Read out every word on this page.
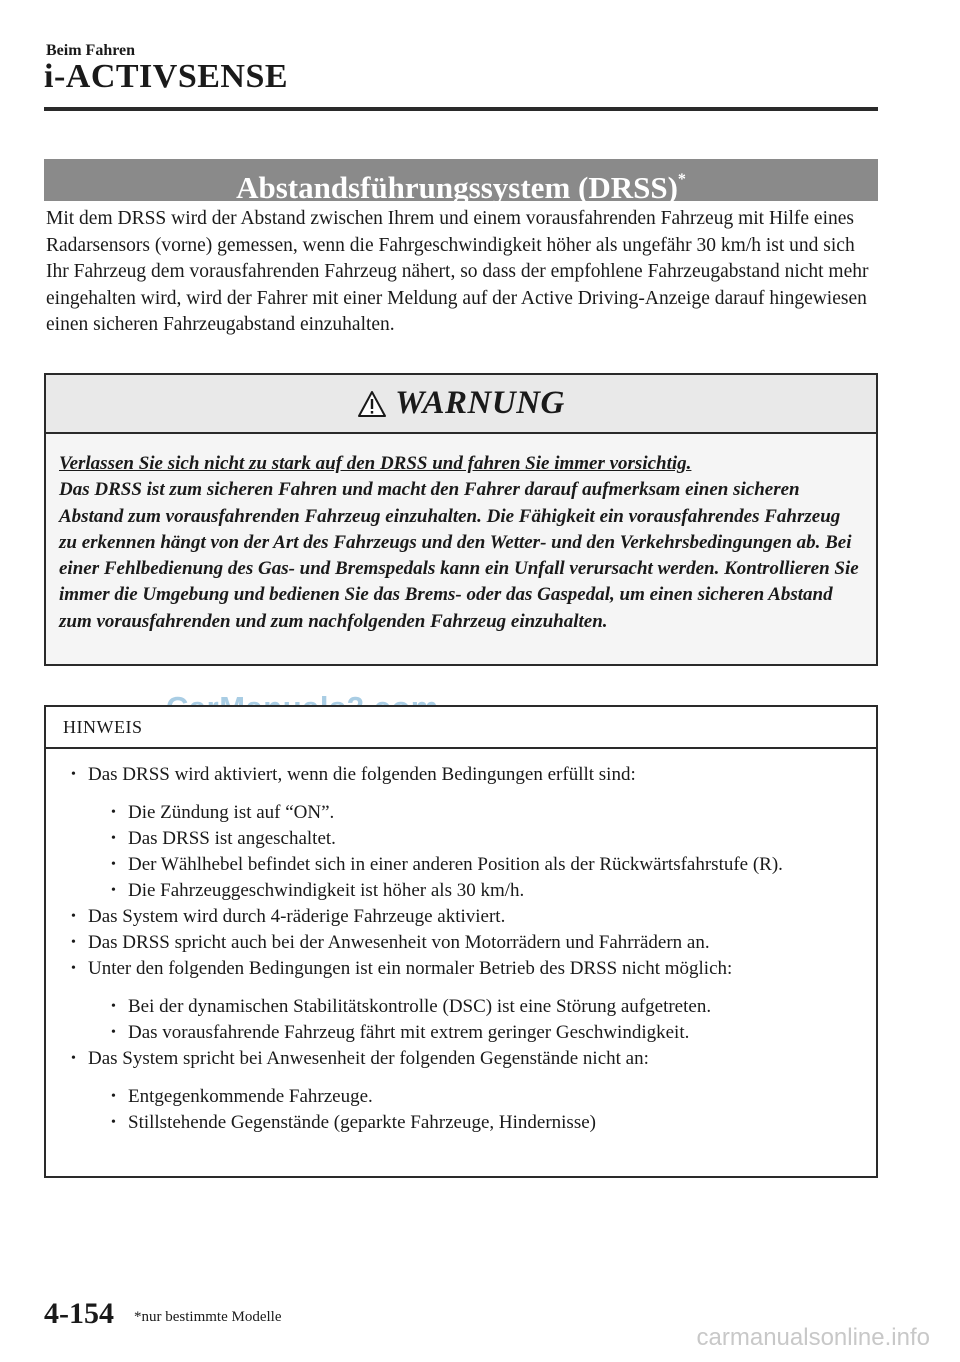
Beim Fahren
i-ACTIVSENSE
Abstandsführungssystem (DRSS)*

Mit dem DRSS wird der Abstand zwischen Ihrem und einem vorausfahrenden Fahrzeug mit Hilfe eines Radarsensors (vorne) gemessen, wenn die Fahrgeschwindigkeit höher als ungefähr 30 km/h ist und sich Ihr Fahrzeug dem vorausfahrenden Fahrzeug nähert, so dass der empfohlene Fahrzeugabstand nicht mehr eingehalten wird, wird der Fahrer mit einer Meldung auf der Active Driving-Anzeige darauf hingewiesen einen sicheren Fahrzeugabstand einzuhalten.

WARNUNG
Verlassen Sie sich nicht zu stark auf den DRSS und fahren Sie immer vorsichtig.
Das DRSS ist zum sicheren Fahren und macht den Fahrer darauf aufmerksam einen sicheren Abstand zum vorausfahrenden Fahrzeug einzuhalten. Die Fähigkeit ein vorausfahrendes Fahrzeug zu erkennen hängt von der Art des Fahrzeugs und den Wetter- und den Verkehrsbedingungen ab. Bei einer Fehlbedienung des Gas- und Bremspedals kann ein Unfall verursacht werden. Kontrollieren Sie immer die Umgebung und bedienen Sie das Brems- oder das Gaspedal, um einen sicheren Abstand zum vorausfahrenden und zum nachfolgenden Fahrzeug einzuhalten.
HINWEIS
• Das DRSS wird aktiviert, wenn die folgenden Bedingungen erfüllt sind:
• Die Zündung ist auf “ON”.
• Das DRSS ist angeschaltet.
• Der Wählhebel befindet sich in einer anderen Position als der Rückwärtsfahrstufe (R).
• Die Fahrzeuggeschwindigkeit ist höher als 30 km/h.
• Das System wird durch 4-räderige Fahrzeuge aktiviert.
• Das DRSS spricht auch bei der Anwesenheit von Motorrädern und Fahrrädern an.
• Unter den folgenden Bedingungen ist ein normaler Betrieb des DRSS nicht möglich:
• Bei der dynamischen Stabilitätskontrolle (DSC) ist eine Störung aufgetreten.
• Das vorausfahrende Fahrzeug fährt mit extrem geringer Geschwindigkeit.
• Das System spricht bei Anwesenheit der folgenden Gegenstände nicht an:
• Entgegenkommende Fahrzeuge.
• Stillstehende Gegenstände (geparkte Fahrzeuge, Hindernisse)
4-154 *nur bestimmte Modelle
carmanualsonline.info
